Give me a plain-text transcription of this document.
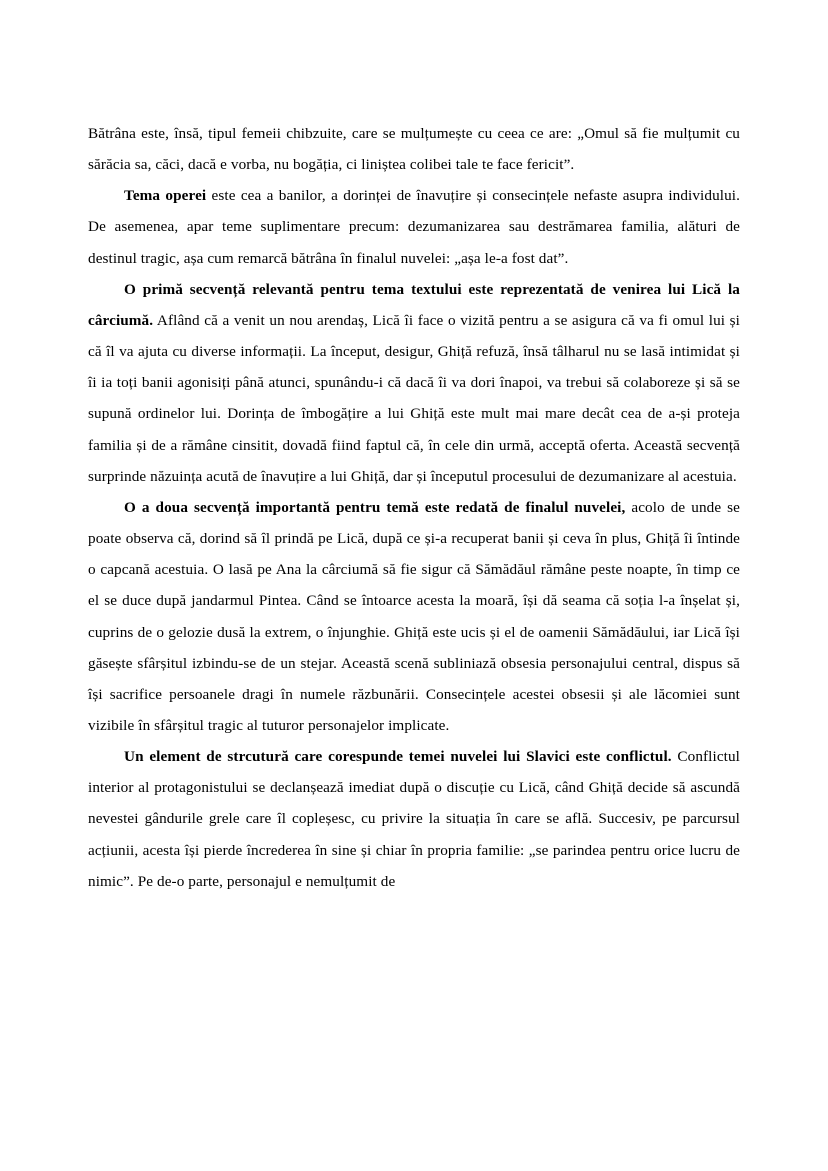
Bătrâna este, însă, tipul femeii chibzuite, care se mulțumește cu ceea ce are: „Omul să fie mulțumit cu sărăcia sa, căci, dacă e vorba, nu bogăția, ci liniștea colibei tale te face fericit”.

Tema operei este cea a banilor, a dorinței de înavuțire și consecințele nefaste asupra individului. De asemenea, apar teme suplimentare precum: dezumanizarea sau destrămarea familia, alături de destinul tragic, așa cum remarcă bătrâna în finalul nuvelei: „așa le-a fost dat”.

O primă secvență relevantă pentru tema textului este reprezentată de venirea lui Lică la cârciumă. Aflând că a venit un nou arendaș, Lică îi face o vizită pentru a se asigura că va fi omul lui și că îl va ajuta cu diverse informații. La început, desigur, Ghiță refuză, însă tâlharul nu se lasă intimidat și îi ia toți banii agonisiți până atunci, spunându-i că dacă îi va dori înapoi, va trebui să colaboreze și să se supună ordinelor lui. Dorința de îmbogățire a lui Ghiță este mult mai mare decât cea de a-și proteja familia și de a rămâne cinsitit, dovadă fiind faptul că, în cele din urmă, acceptă oferta. Această secvență surprinde năzuința acută de înavuțire a lui Ghiță, dar și începutul procesului de dezumanizare al acestuia.

O a doua secvență importantă pentru temă este redată de finalul nuvelei, acolo de unde se poate observa că, dorind să îl prindă pe Lică, după ce și-a recuperat banii și ceva în plus, Ghiță îi întinde o capcană acestuia. O lasă pe Ana la cârciumă să fie sigur că Sămădăul rămâne peste noapte, în timp ce el se duce după jandarmul Pintea. Când se întoarce acesta la moară, își dă seama că soția l-a înșelat și, cuprins de o gelozie dusă la extrem, o înjunghie. Ghiță este ucis și el de oamenii Sămădăului, iar Lică își găsește sfârșitul izbindu-se de un stejar. Această scenă subliniază obsesia personajului central, dispus să își sacrifice persoanele dragi în numele răzbunării. Consecințele acestei obsesii și ale lăcomiei sunt vizibile în sfârșitul tragic al tuturor personajelor implicate.

Un element de strcutură care corespunde temei nuvelei lui Slavici este conflictul. Conflictul interior al protagonistului se declanșează imediat după o discuție cu Lică, când Ghiță decide să ascundă nevestei gândurile grele care îl copleșesc, cu privire la situația în care se află. Succesiv, pe parcursul acțiunii, acesta își pierde încrederea în sine și chiar în propria familie: „se parindea pentru orice lucru de nimic”. Pe de-o parte, personajul e nemulțumit de
